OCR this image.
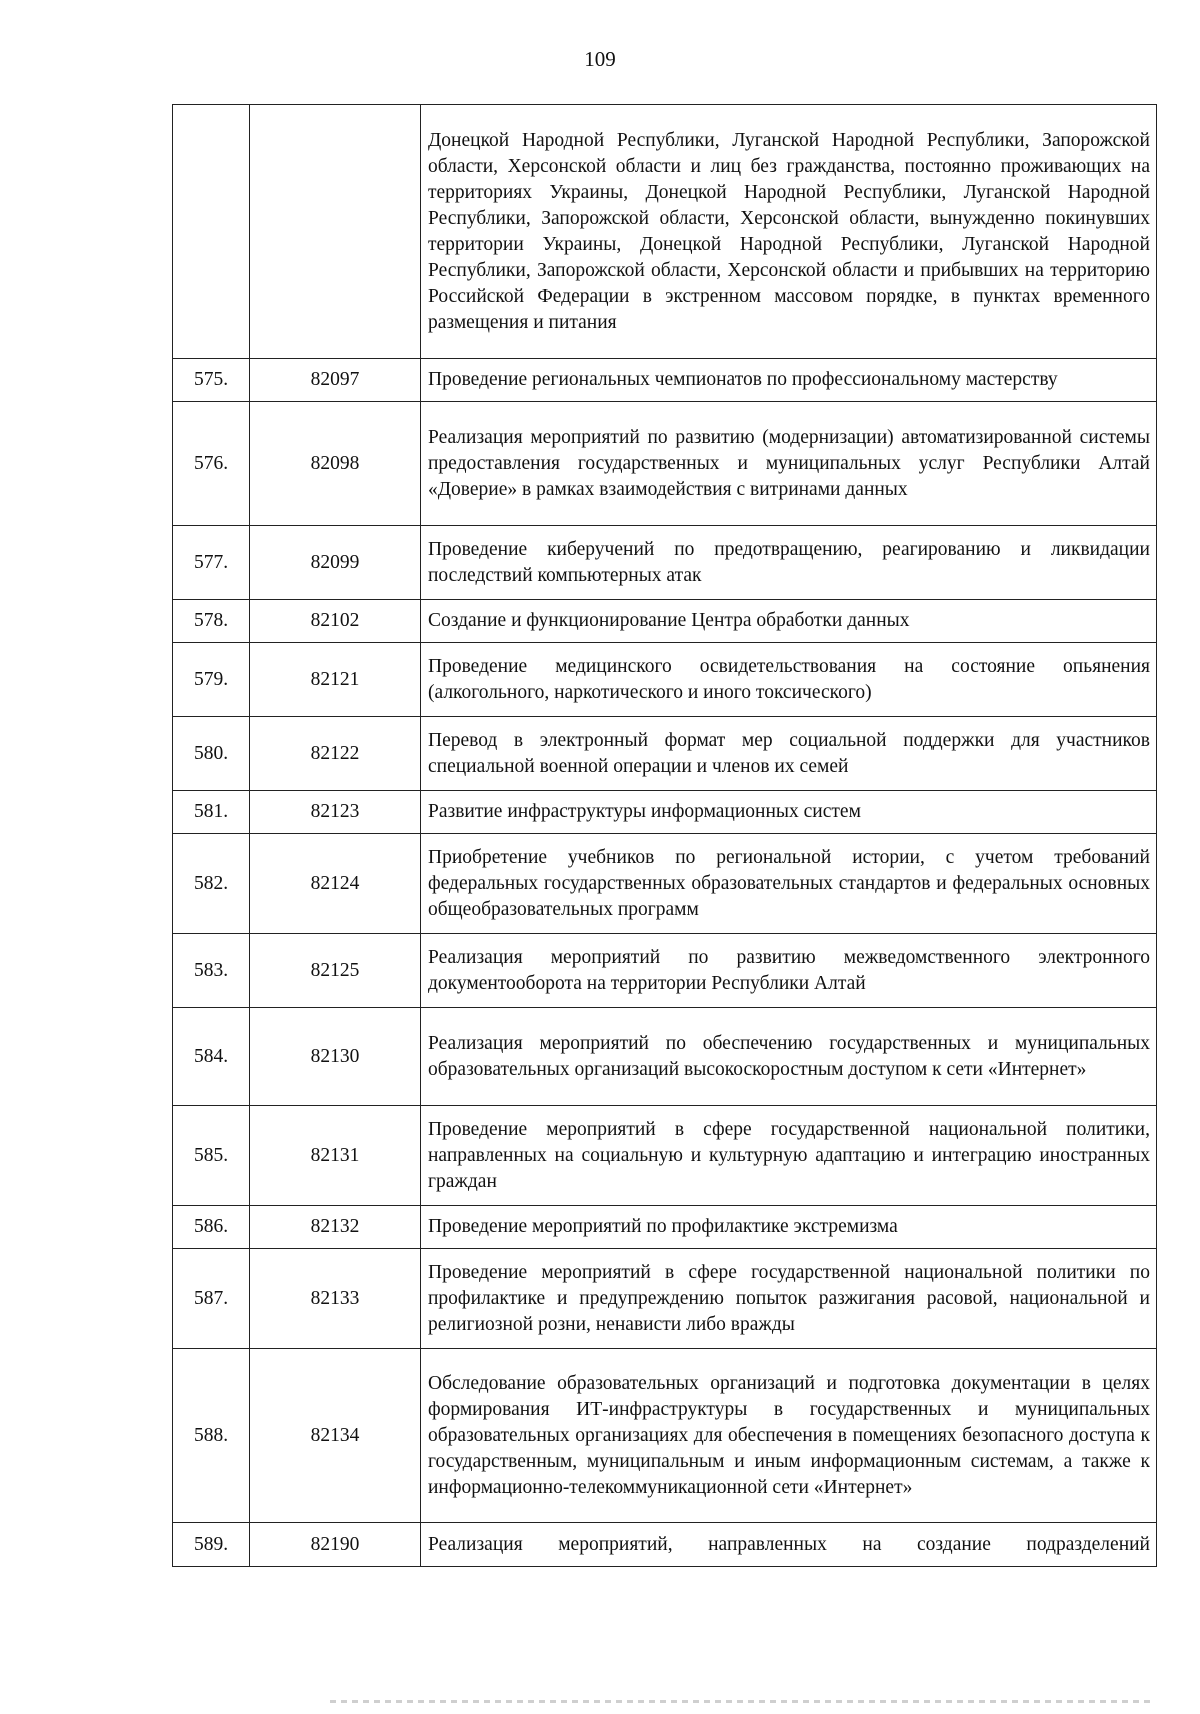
109
		Донецкой Народной Республики, Луганской Народной Республики, Запорожской области, Херсонской области и лиц без гражданства, постоянно проживающих на территориях Украины, Донецкой Народной Республики, Луганской Народной Республики, Запорожской области, Херсонской области, вынужденно покинувших территории Украины, Донецкой Народной Республики, Луганской Народной Республики, Запорожской области, Херсонской области и прибывших на территорию Российской Федерации в экстренном массовом порядке, в пунктах временного размещения и питания
575.	82097	Проведение региональных чемпионатов по профессиональному мастерству
576.	82098	Реализация мероприятий по развитию (модернизации) автоматизированной системы предоставления государственных и муниципальных услуг Республики Алтай «Доверие» в рамках взаимодействия с витринами данных
577.	82099	Проведение киберучений по предотвращению, реагированию и ликвидации последствий компьютерных атак
578.	82102	Создание и функционирование Центра обработки данных
579.	82121	Проведение медицинского освидетельствования на состояние опьянения (алкогольного, наркотического и иного токсического)
580.	82122	Перевод в электронный формат мер социальной поддержки для участников специальной военной операции и членов их семей
581.	82123	Развитие инфраструктуры информационных систем
582.	82124	Приобретение учебников по региональной истории, с учетом требований федеральных государственных образовательных стандартов и федеральных основных общеобразовательных программ
583.	82125	Реализация мероприятий по развитию межведомственного электронного документооборота на территории Республики Алтай
584.	82130	Реализация мероприятий по обеспечению государственных и муниципальных образовательных организаций высокоскоростным доступом к сети «Интернет»
585.	82131	Проведение мероприятий в сфере государственной национальной политики, направленных на социальную и культурную адаптацию и интеграцию иностранных граждан
586.	82132	Проведение мероприятий по профилактике экстремизма
587.	82133	Проведение мероприятий в сфере государственной национальной политики по профилактике и предупреждению попыток разжигания расовой, национальной и религиозной розни, ненависти либо вражды
588.	82134	Обследование образовательных организаций и подготовка документации в целях формирования ИТ-инфраструктуры в государственных и муниципальных образовательных организациях для обеспечения в помещениях безопасного доступа к государственным, муниципальным и иным информационным системам, а также к информационно-телекоммуникационной сети «Интернет»
589.	82190	Реализация мероприятий, направленных на создание подразделений
